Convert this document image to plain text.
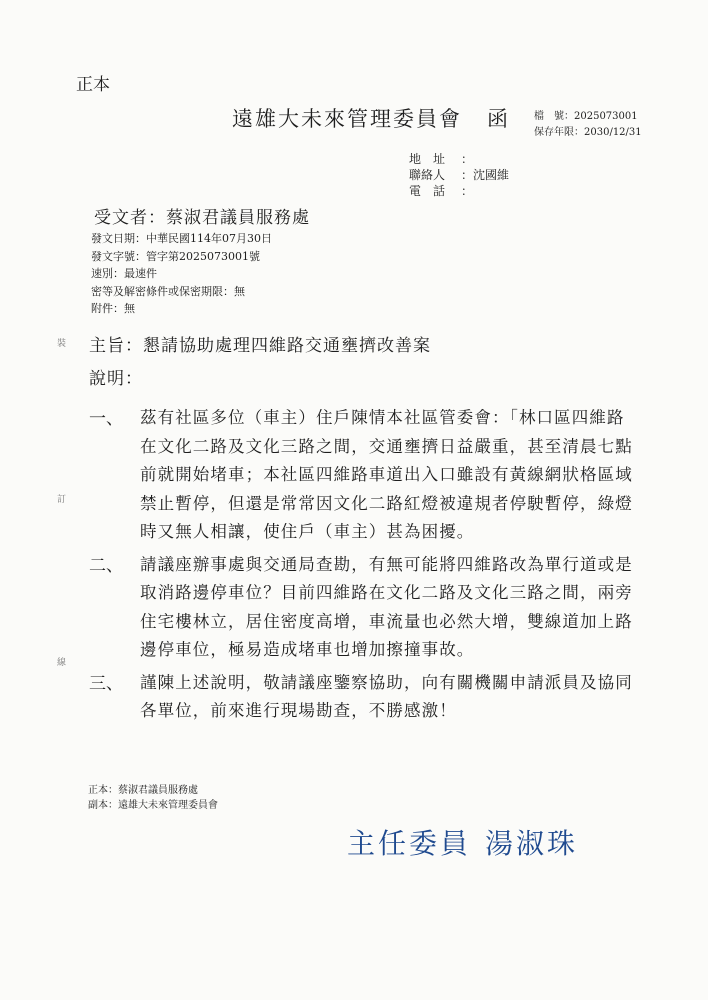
正本
遠雄大未來管理委員會 函	檔　號：2025073001
保存年限：2030/12/31
地　址 ：
聯絡人 ：沈國維
電　話 ：
受文者：蔡淑君議員服務處
發文日期：中華民國114年07月30日
發文字號：管字第2025073001號
速別：最速件
密等及解密條件或保密期限：無
附件：無
裝
訂
線
主旨：懇請協助處理四維路交通壅擠改善案
說明：
一、 茲有社區多位（車主）住戶陳情本社區管委會：「林口區四維路
在文化二路及文化三路之間，交通壅擠日益嚴重，甚至清晨七點
前就開始堵車；本社區四維路車道出入口雖設有黃線網狀格區域
禁止暫停，但還是常常因文化二路紅燈被違規者停駛暫停，綠燈
時又無人相讓，使住戶（車主）甚為困擾。
二、 請議座辦事處與交通局查勘，有無可能將四維路改為單行道或是
取消路邊停車位？目前四維路在文化二路及文化三路之間，兩旁
住宅樓林立，居住密度高增，車流量也必然大增，雙線道加上路
邊停車位，極易造成堵車也增加擦撞事故。
三、 謹陳上述說明，敬請議座鑒察協助，向有關機關申請派員及協同
各單位，前來進行現場勘查，不勝感激！
正本：蔡淑君議員服務處
副本：遠雄大未來管理委員會
主任委員 湯淑珠
